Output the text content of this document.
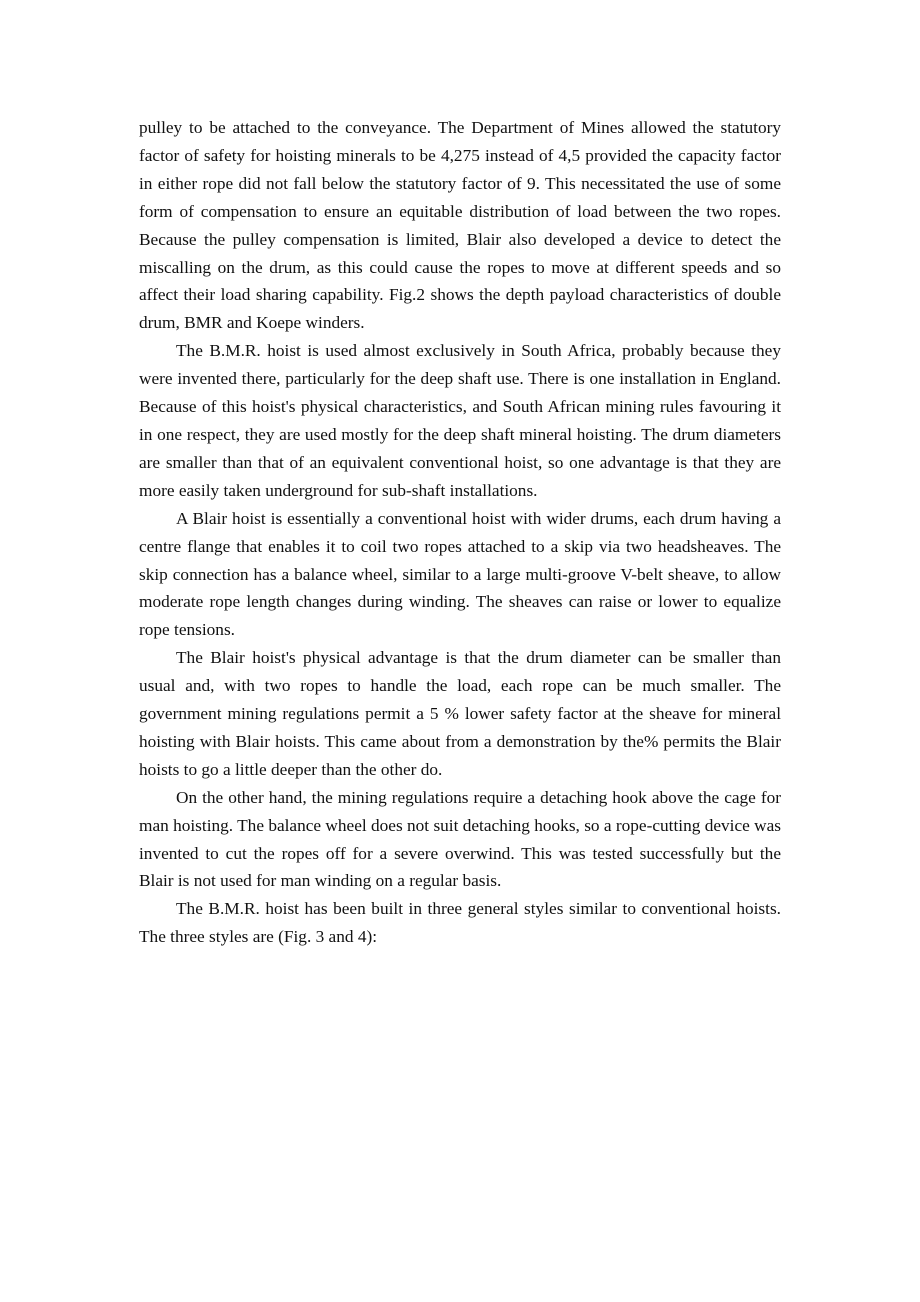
pulley to be attached to the conveyance. The Department of Mines allowed the statutory factor of safety for hoisting minerals to be 4,275 instead of 4,5 provided the capacity factor in either rope did not fall below the statutory factor of 9. This necessitated the use of some form of compensation to ensure an equitable distribution of load between the two ropes. Because the pulley compensation is limited, Blair also developed a device to detect the miscalling on the drum, as this could cause the ropes to move at different speeds and so affect their load sharing capability. Fig.2 shows the depth payload characteristics of double drum, BMR and Koepe winders.

The B.M.R. hoist is used almost exclusively in South Africa, probably because they were invented there, particularly for the deep shaft use. There is one installation in England. Because of this hoist's physical characteristics, and South African mining rules favouring it in one respect, they are used mostly for the deep shaft mineral hoisting. The drum diameters are smaller than that of an equivalent conventional hoist, so one advantage is that they are more easily taken underground for sub-shaft installations.

A Blair hoist is essentially a conventional hoist with wider drums, each drum having a centre flange that enables it to coil two ropes attached to a skip via two headsheaves. The skip connection has a balance wheel, similar to a large multi-groove V-belt sheave, to allow moderate rope length changes during winding. The sheaves can raise or lower to equalize rope tensions.

The Blair hoist's physical advantage is that the drum diameter can be smaller than usual and, with two ropes to handle the load, each rope can be much smaller. The government mining regulations permit a 5 % lower safety factor at the sheave for mineral hoisting with Blair hoists. This came about from a demonstration by the% permits the Blair hoists to go a little deeper than the other do.

On the other hand, the mining regulations require a detaching hook above the cage for man hoisting. The balance wheel does not suit detaching hooks, so a rope-cutting device was invented to cut the ropes off for a severe overwind. This was tested successfully but the Blair is not used for man winding on a regular basis.

The B.M.R. hoist has been built in three general styles similar to conventional hoists. The three styles are (Fig. 3 and 4):
